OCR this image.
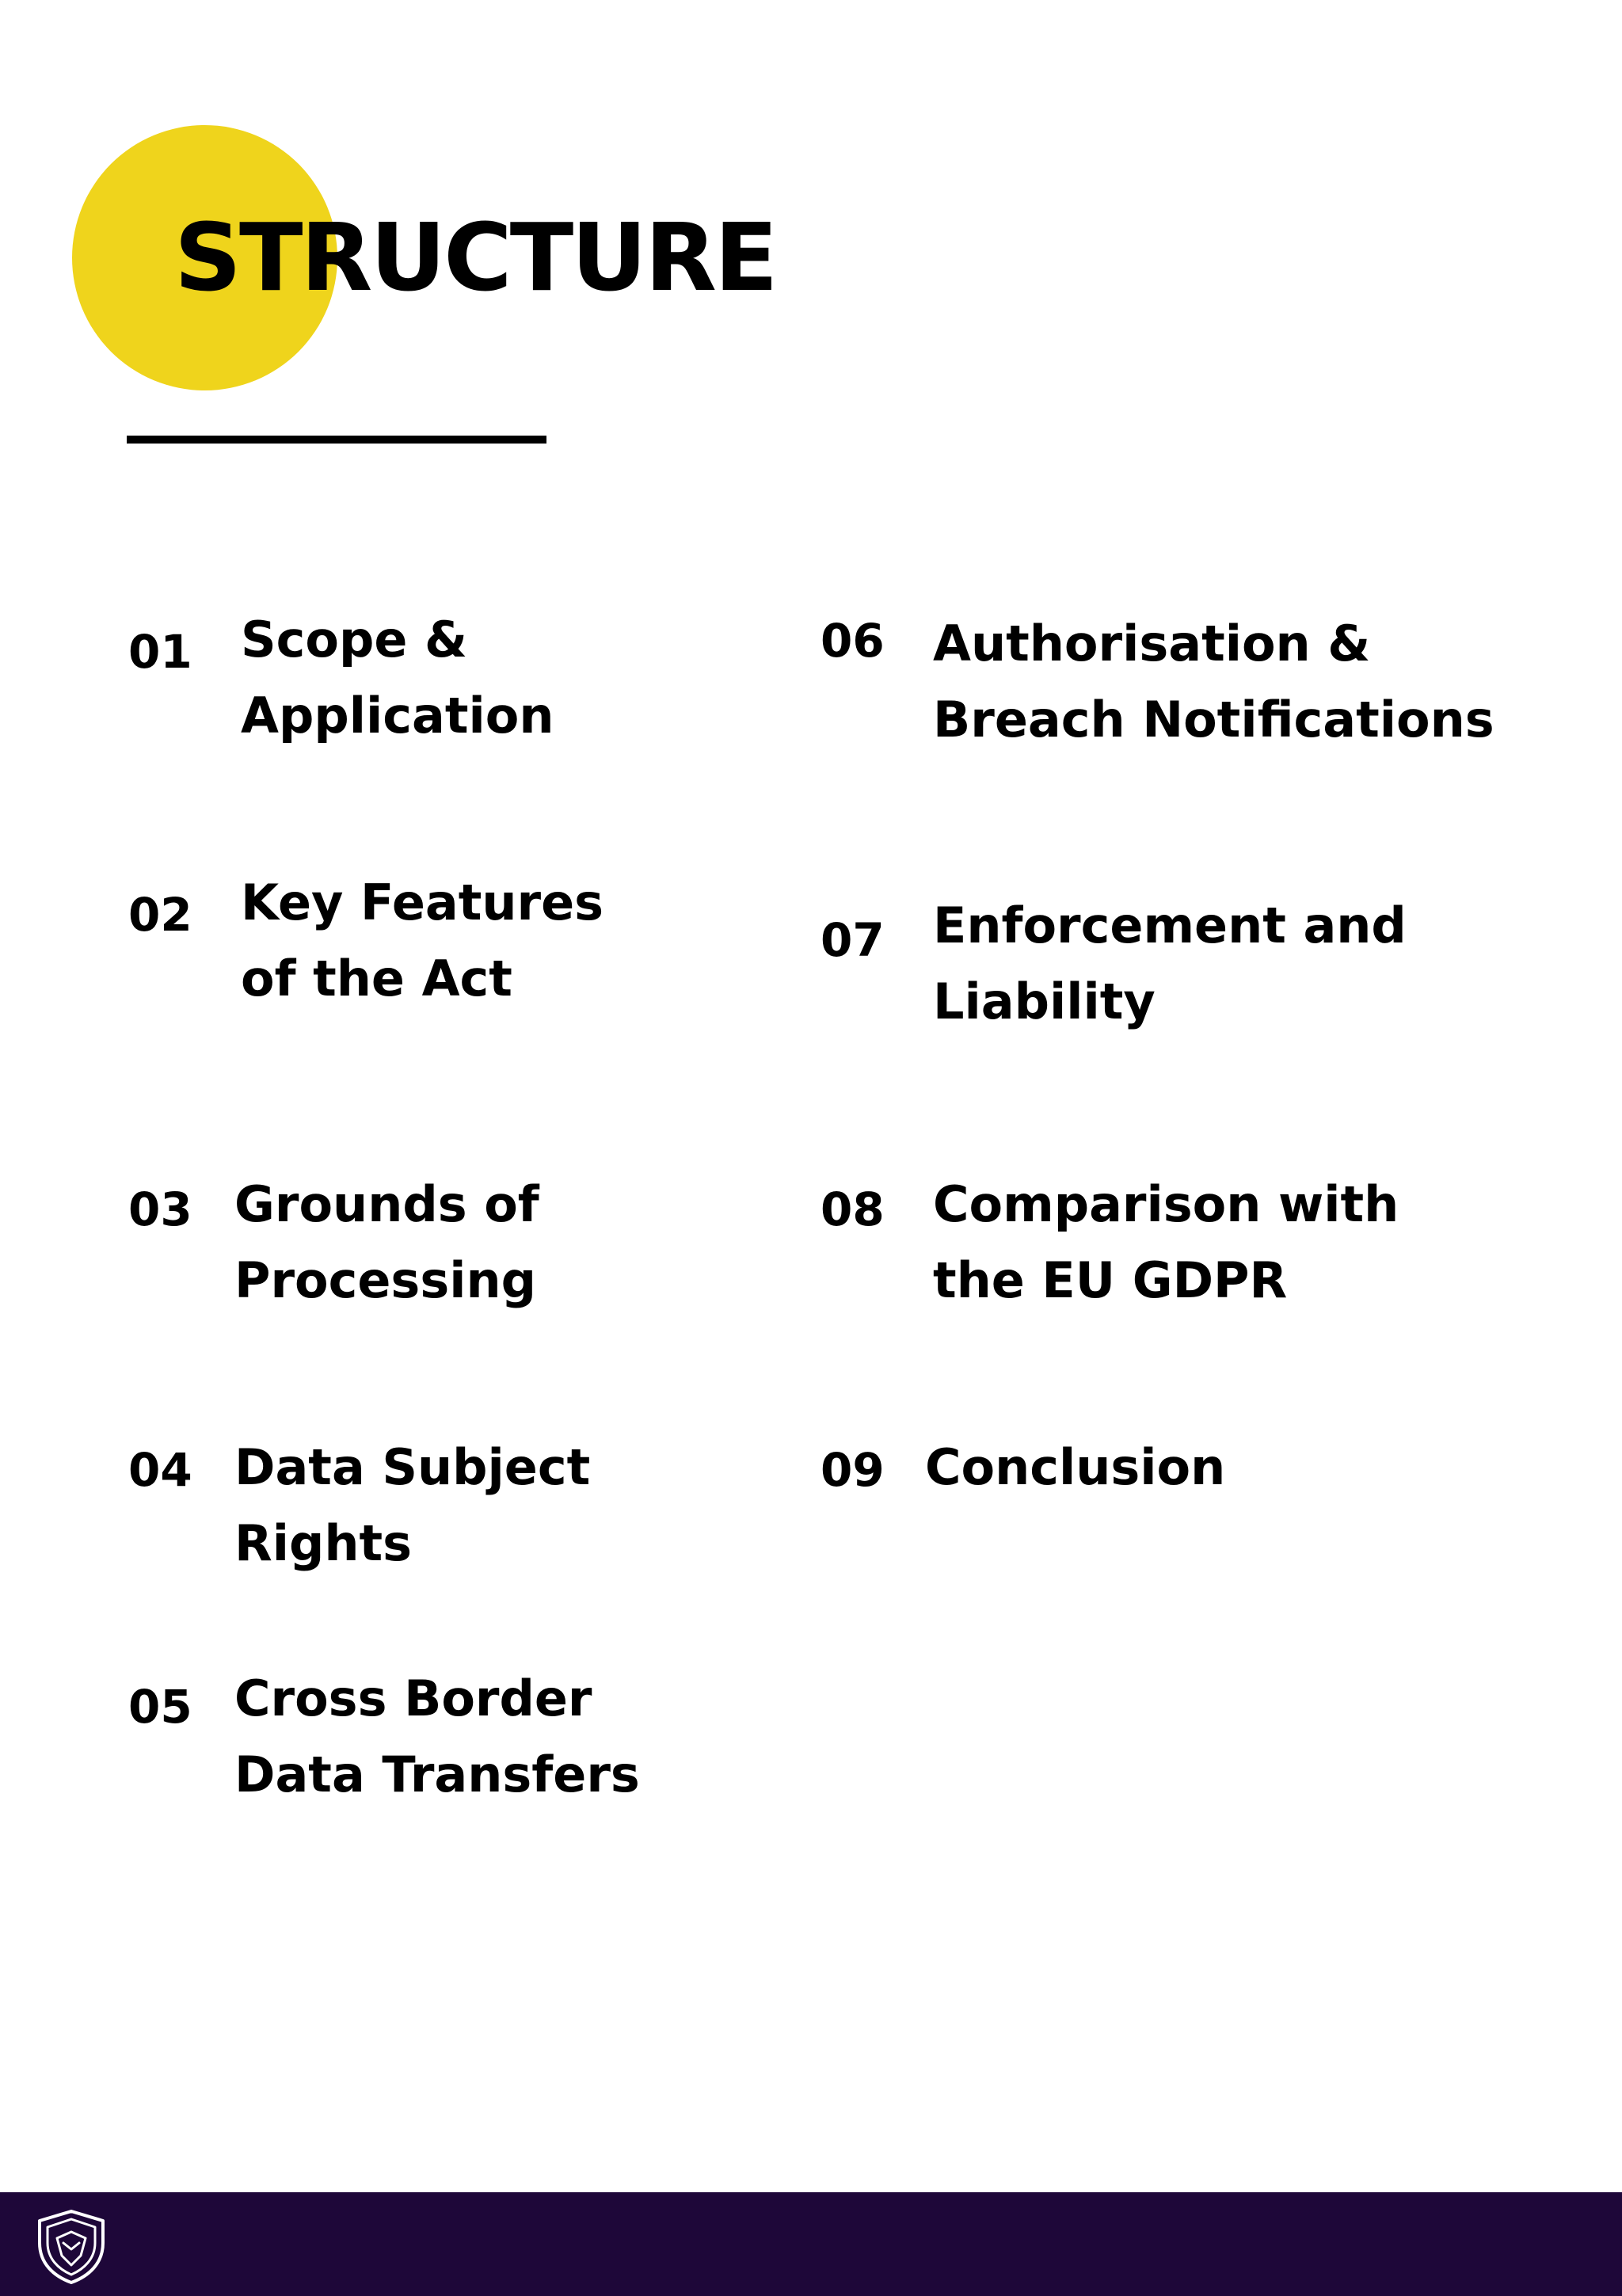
STRUCTURE
01 Scope &

Application

02 Key Features

of the Act

03 Grounds of

Processing

04 Data Subject

Rights

05 Cross Border

Data Transfers

06 Authorisation &

Breach Notifications

07 Enforcement and

Liability

08 Comparison with

the EU GDPR

09 Conclusion
